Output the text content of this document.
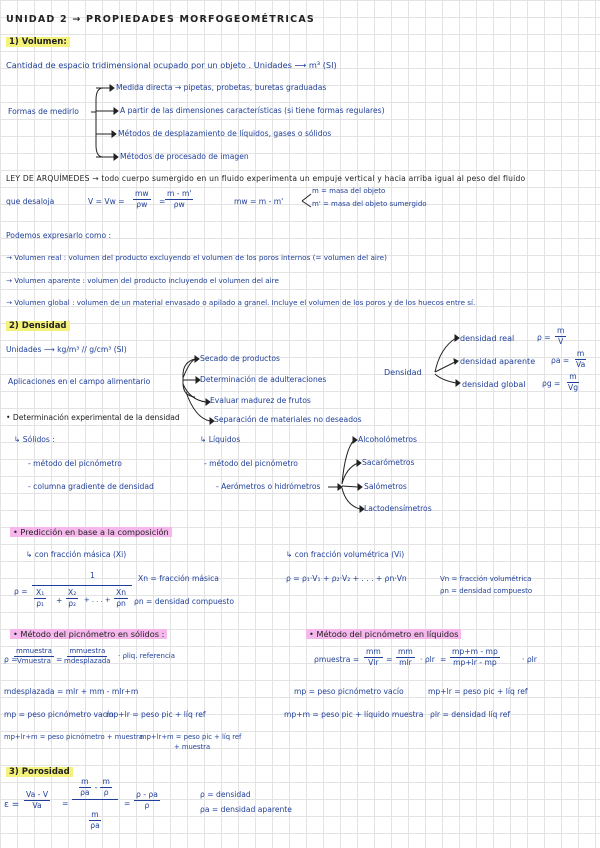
UNIDAD 2 → PROPIEDADES MORFOGEOMÉTRICAS
1) Volumen:
Cantidad de espacio tridimensional ocupado por un objeto . Unidades ⟶ m³ (SI)
Formas de medirlo
Medida directa → pipetas, probetas, buretas graduadas
A partir de las dimensiones características (si tiene formas regulares)
Métodos de desplazamiento de líquidos, gases o sólidos
Métodos de procesado de imagen
LEY DE ARQUÍMEDES → todo cuerpo sumergido en un fluido experimenta un empuje vertical y hacia arriba igual al peso del fluido
que desaloja	$V = Vw = \frac{mw}{\rho w} = \frac{m - m'}{\rho w}$	mw = m - m'
m = masa del objeto
m' = masa del objeto sumergido
Podemos expresarlo como :
→ Volumen real : volumen del producto excluyendo el volumen de los poros internos (= volumen del aire)
→ Volumen aparente : volumen del producto incluyendo el volumen del aire
→ Volumen global : volumen de un material envasado o apilado a granel. Incluye el volumen de los poros y de los huecos entre sí.
2) Densidad
Unidades ⟶ kg/m³ // g/cm³ (SI)
Aplicaciones en el campo alimentario
Secado de productos
Determinación de adulteraciones
Evaluar madurez de frutos
Separación de materiales no deseados
Densidad
densidad real	$\rho = \frac{m}{V}$
densidad aparente $\rho a = \frac{m}{Va}$
densidad global $\rho g = \frac{m}{Vg}$
• Determinación experimental de la densidad
↳ Sólidos :
- método del picnómetro
- columna gradiente de densidad
↳ Líquidos
- método del picnómetro
- Aerómetros o hidrómetros
Alcoholómetros
Sacarómetros
Salómetros
Lactodensímetros
• Predicción en base a la composición
↳ con fracción másica (Xi)	↳ con fracción volumétrica (Vi)
ρ =
1
$\frac{\text{X₁}}{\text{ρ₁}} + \frac{\text{X₂}}{\text{ρ₂}}$ + . . . + $\frac{Xn}{\rho n}$
Xn = fracción másica
ρn = densidad compuesto
ρ = ρ₁·V₁ + ρ₂·V₂ + . . . + ρn·Vn	Vn = fracción volumétrica
ρn = densidad compuesto
• Método del picnómetro en sólidos :	• Método del picnómetro en líquidos
ρ =
mmuestra
Vmuestra =
mmuestra
mdesplazada
· ρliq. referencia	ρmuestra =
mm
Vlr =
mm
mlr · $\rho lr = \frac{mp+m - mp}{mp+lr - mp}$	· ρlr
mdesplazada = mlr + mm - mlr+m	mp = peso picnómetro vacío	mp+lr = peso pic + líq ref
mp = peso picnómetro vacío
mp+lr = peso pic + líq ref	mp+m = peso pic + líquido muestra ρlr = densidad líq ref
mp+lr+m = peso picnómetro + muestra
mp+lr+m = peso pic + líq ref
+ muestra
3) Porosidad
$\varepsilon = \frac{Va - V}{Va}$ =
$\frac{m}{\rho a} - \frac{m}{\rho}$
$\frac{m}{\rho a}$
= $\frac{\rho - \rho a}{\rho}$	ρ = densidad
ρa = densidad aparente
